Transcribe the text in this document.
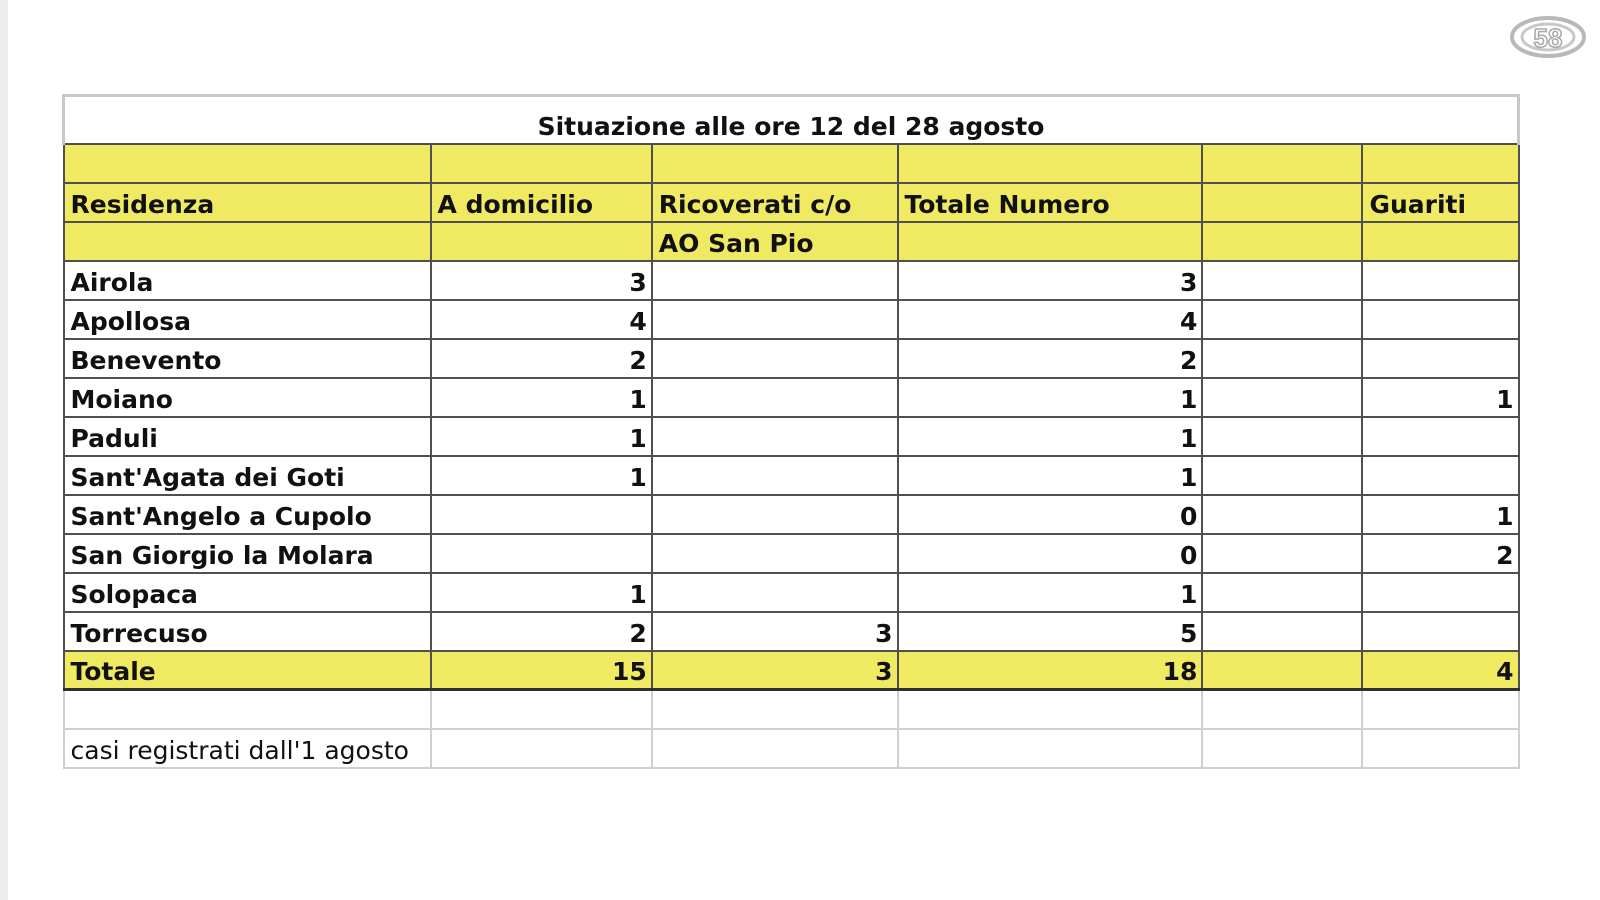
58
Situazione alle ore 12 del 28 agosto					

Residenza	A domicilio	Ricoverati c/o	Totale Numero		Guariti
		AO San Pio			
Airola	3		3		
Apollosa	4		4		
Benevento	2		2		
Moiano	1		1		1
Paduli	1		1		
Sant'Agata dei Goti	1		1		
Sant'Angelo a Cupolo			0		1
San Giorgio la Molara			0		2
Solopaca	1		1		
Torrecuso	2	3	5		
Totale	15	3	18		4

casi registrati dall'1 agosto					
